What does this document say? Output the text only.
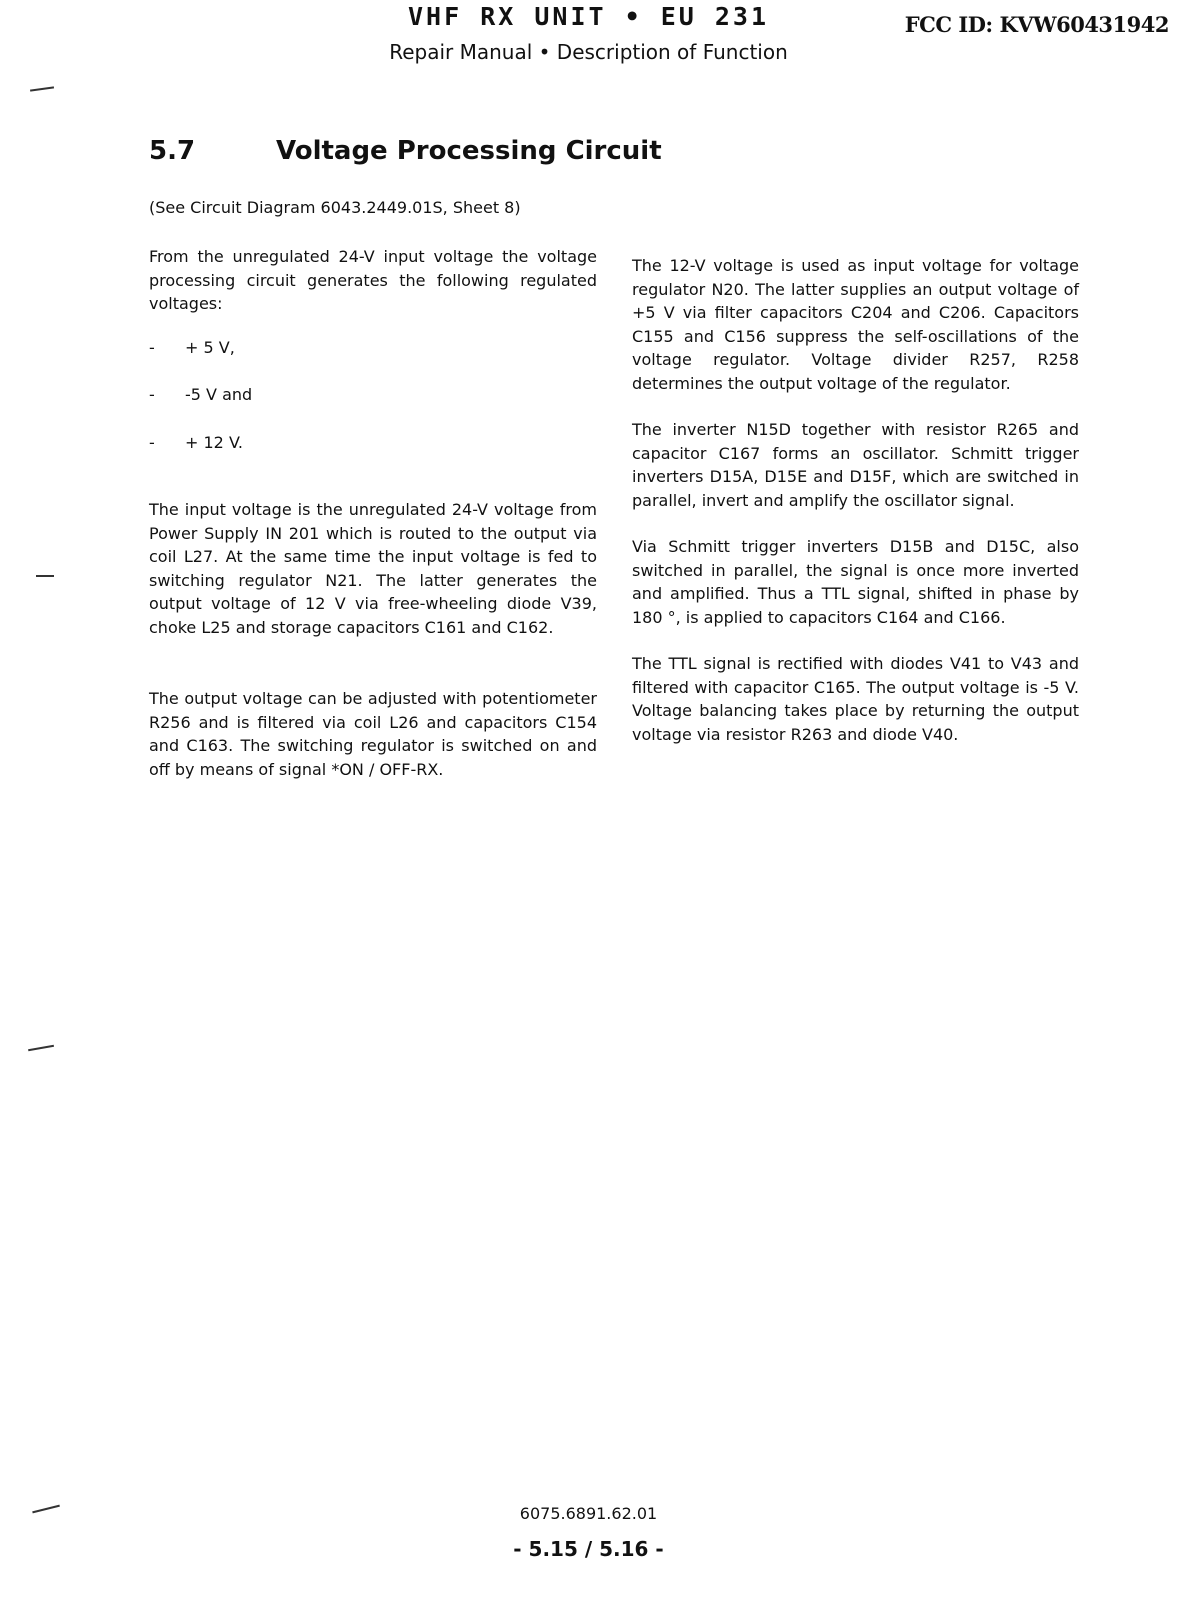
VHF RX UNIT • EU 231
Repair Manual • Description of Function
FCC ID: KVW60431942
5.7	Voltage Processing Circuit
(See Circuit Diagram 6043.2449.01S, Sheet 8)

From the unregulated 24-V input voltage the voltage processing circuit generates the following regulated voltages:

- + 5 V,
- -5 V and
- + 12 V.

The input voltage is the unregulated 24-V voltage from Power Supply IN 201 which is routed to the output via coil L27. At the same time the input voltage is fed to switching regulator N21. The latter generates the output voltage of 12 V via free-wheeling diode V39, choke L25 and storage capacitors C161 and C162.

The output voltage can be adjusted with potentiometer R256 and is filtered via coil L26 and capacitors C154 and C163. The switching regulator is switched on and off by means of signal *ON / OFF-RX.

The 12-V voltage is used as input voltage for voltage regulator N20. The latter supplies an output voltage of +5 V via filter capacitors C204 and C206. Capacitors C155 and C156 suppress the self-oscillations of the voltage regulator. Voltage divider R257, R258 determines the output voltage of the regulator.

The inverter N15D together with resistor R265 and capacitor C167 forms an oscillator. Schmitt trigger inverters D15A, D15E and D15F, which are switched in parallel, invert and amplify the oscillator signal.

Via Schmitt trigger inverters D15B and D15C, also switched in parallel, the signal is once more inverted and amplified. Thus a TTL signal, shifted in phase by 180 °, is applied to capacitors C164 and C166.

The TTL signal is rectified with diodes V41 to V43 and filtered with capacitor C165. The output voltage is -5 V. Voltage balancing takes place by returning the output voltage via resistor R263 and diode V40.

6075.6891.62.01
- 5.15 / 5.16 -
